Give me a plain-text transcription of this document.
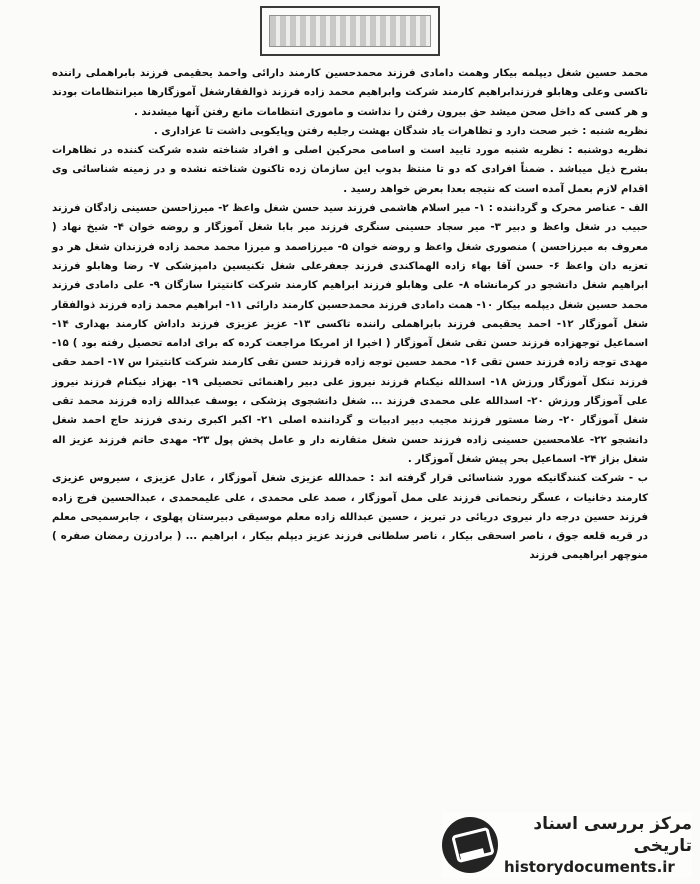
محمد حسین شغل دیپلمه بیکار وهمت دامادی فرزند محمدحسین کارمند دارائی واحمد یحقیمی فرزند بابراهملی راننده تاکسی وعلی وهابلو فرزندابراهیم کارمند شرکت وابراهیم محمد زاده فرزند ذوالفقارشغل آموزگارها میرانتظامات بودند و هر کسی که داخل صحن میشد حق بیرون رفتن را نداشت و ماموری انتظامات مانع رفتن آنها میشدند .

نظریه شنبه : خبر صحت دارد و تظاهرات یاد شدگان بهشت رجلیه رفتن وپایکوبی داشت تا عزاداری .

نظریه دوشنبه : نظریه شنبه مورد تایید است و اسامی محرکین اصلی و افراد شناخته شده شرکت کننده در تظاهرات بشرح ذیل میباشد . ضمناً افرادی که دو تا منتظ بدوب این سازمان زده تاکنون شناخته نشده و در زمینه شناسائی وی اقدام لازم بعمل آمده است که نتیجه بعدا بعرض خواهد رسید .

الف - عناصر محرک و گرداننده : ۱- میر اسلام هاشمی فرزند سید حسن شغل واعظ ۲- میرزاحسن حسینی زادگان فرزند حبیب در شغل واعظ و دبیر ۳- میر سجاد حسینی سنگری فرزند میر بابا شغل آموزگار و روضه خوان ۴- شیخ نهاد ( معروف به میرزاحسن ) منصوری شغل واعظ و روضه خوان ۵- میرزاصمد و میرزا محمد محمد زاده فرزندان شغل هر دو تعزیه دان واعظ ۶- حسن آقا بهاء زاده الهماکندی فرزند جعفرعلی شغل تکنیسین دامپزشکی ۷- رضا وهابلو فرزند ابراهیم شغل دانشجو در کرمانشاه ۸- علی وهابلو فرزند ابراهیم کارمند شرکت کانتیترا سازگان ۹- علی دامادی فرزند محمد حسین شغل دیپلمه بیکار ۱۰- همت دامادی فرزند محمدحسین کارمند دارائی ۱۱- ابراهیم محمد زاده فرزند ذوالفقار شغل آموزگار ۱۲- احمد یحقیمی فرزند بابراهملی راننده تاکسی ۱۳- عزیز عزیزی فرزند داداش کارمند بهداری ۱۴- اسماعیل توجهزاده فرزند حسن تقی شغل آموزگار ( اخیرا از امریکا مراجعت کرده که برای ادامه تحصیل رفته بود ) ۱۵- مهدی توجه زاده فرزند حسن تقی ۱۶- محمد حسین توجه زاده فرزند حسن تقی کارمند شرکت کانتیترا س ۱۷- احمد حقی فرزند تنکل آموزگار ورزش ۱۸- اسدالله نیکنام فرزند نیروز علی دبیر راهنمائی تحصیلی ۱۹- بهزاد نیکنام فرزند نیروز علی آموزگار ورزش ۲۰- اسدالله علی محمدی فرزند ... شغل دانشجوی پزشکی ، یوسف عبدالله زاده فرزند محمد تقی شغل آموزگار ۲۰- رضا مستور فرزند مجیب دبیر ادبیات و گرداننده اصلی ۲۱- اکبر اکبری رندی فرزند حاج احمد شغل دانشجو ۲۲- علامحسین حسینی زاده فرزند حسن شغل متقارنه دار و عامل پخش پول ۲۳- مهدی حاتم فرزند عزیز اله شغل بزاز ۲۴- اسماعیل بحر پیش شغل آموزگار .

ب - شرکت کنندگانیکه مورد شناسائی قرار گرفته اند : حمدالله عزیزی شغل آموزگار ، عادل عزیزی ، سیروس عزیزی کارمند دخانیات ، عسگر رنحمانی فرزند علی ممل آموزگار ، صمد علی محمدی ، علی علیمحمدی ، عبدالحسین فرج زاده فرزند حسین درجه دار نیروی دریائی در تبریز ، حسین عبدالله زاده معلم موسیقی دبیرستان پهلوی ، جابرسمیحی معلم در قریه قلعه جوق ، ناصر اسحقی بیکار ، ناصر سلطانی فرزند عزیز دیپلم بیکار ، ابراهیم ... ( برادرزن رمضان صفره ) منوچهر ابراهیمی فرزند

مرکز بررسی اسناد تاریخی
historydocuments.ir
